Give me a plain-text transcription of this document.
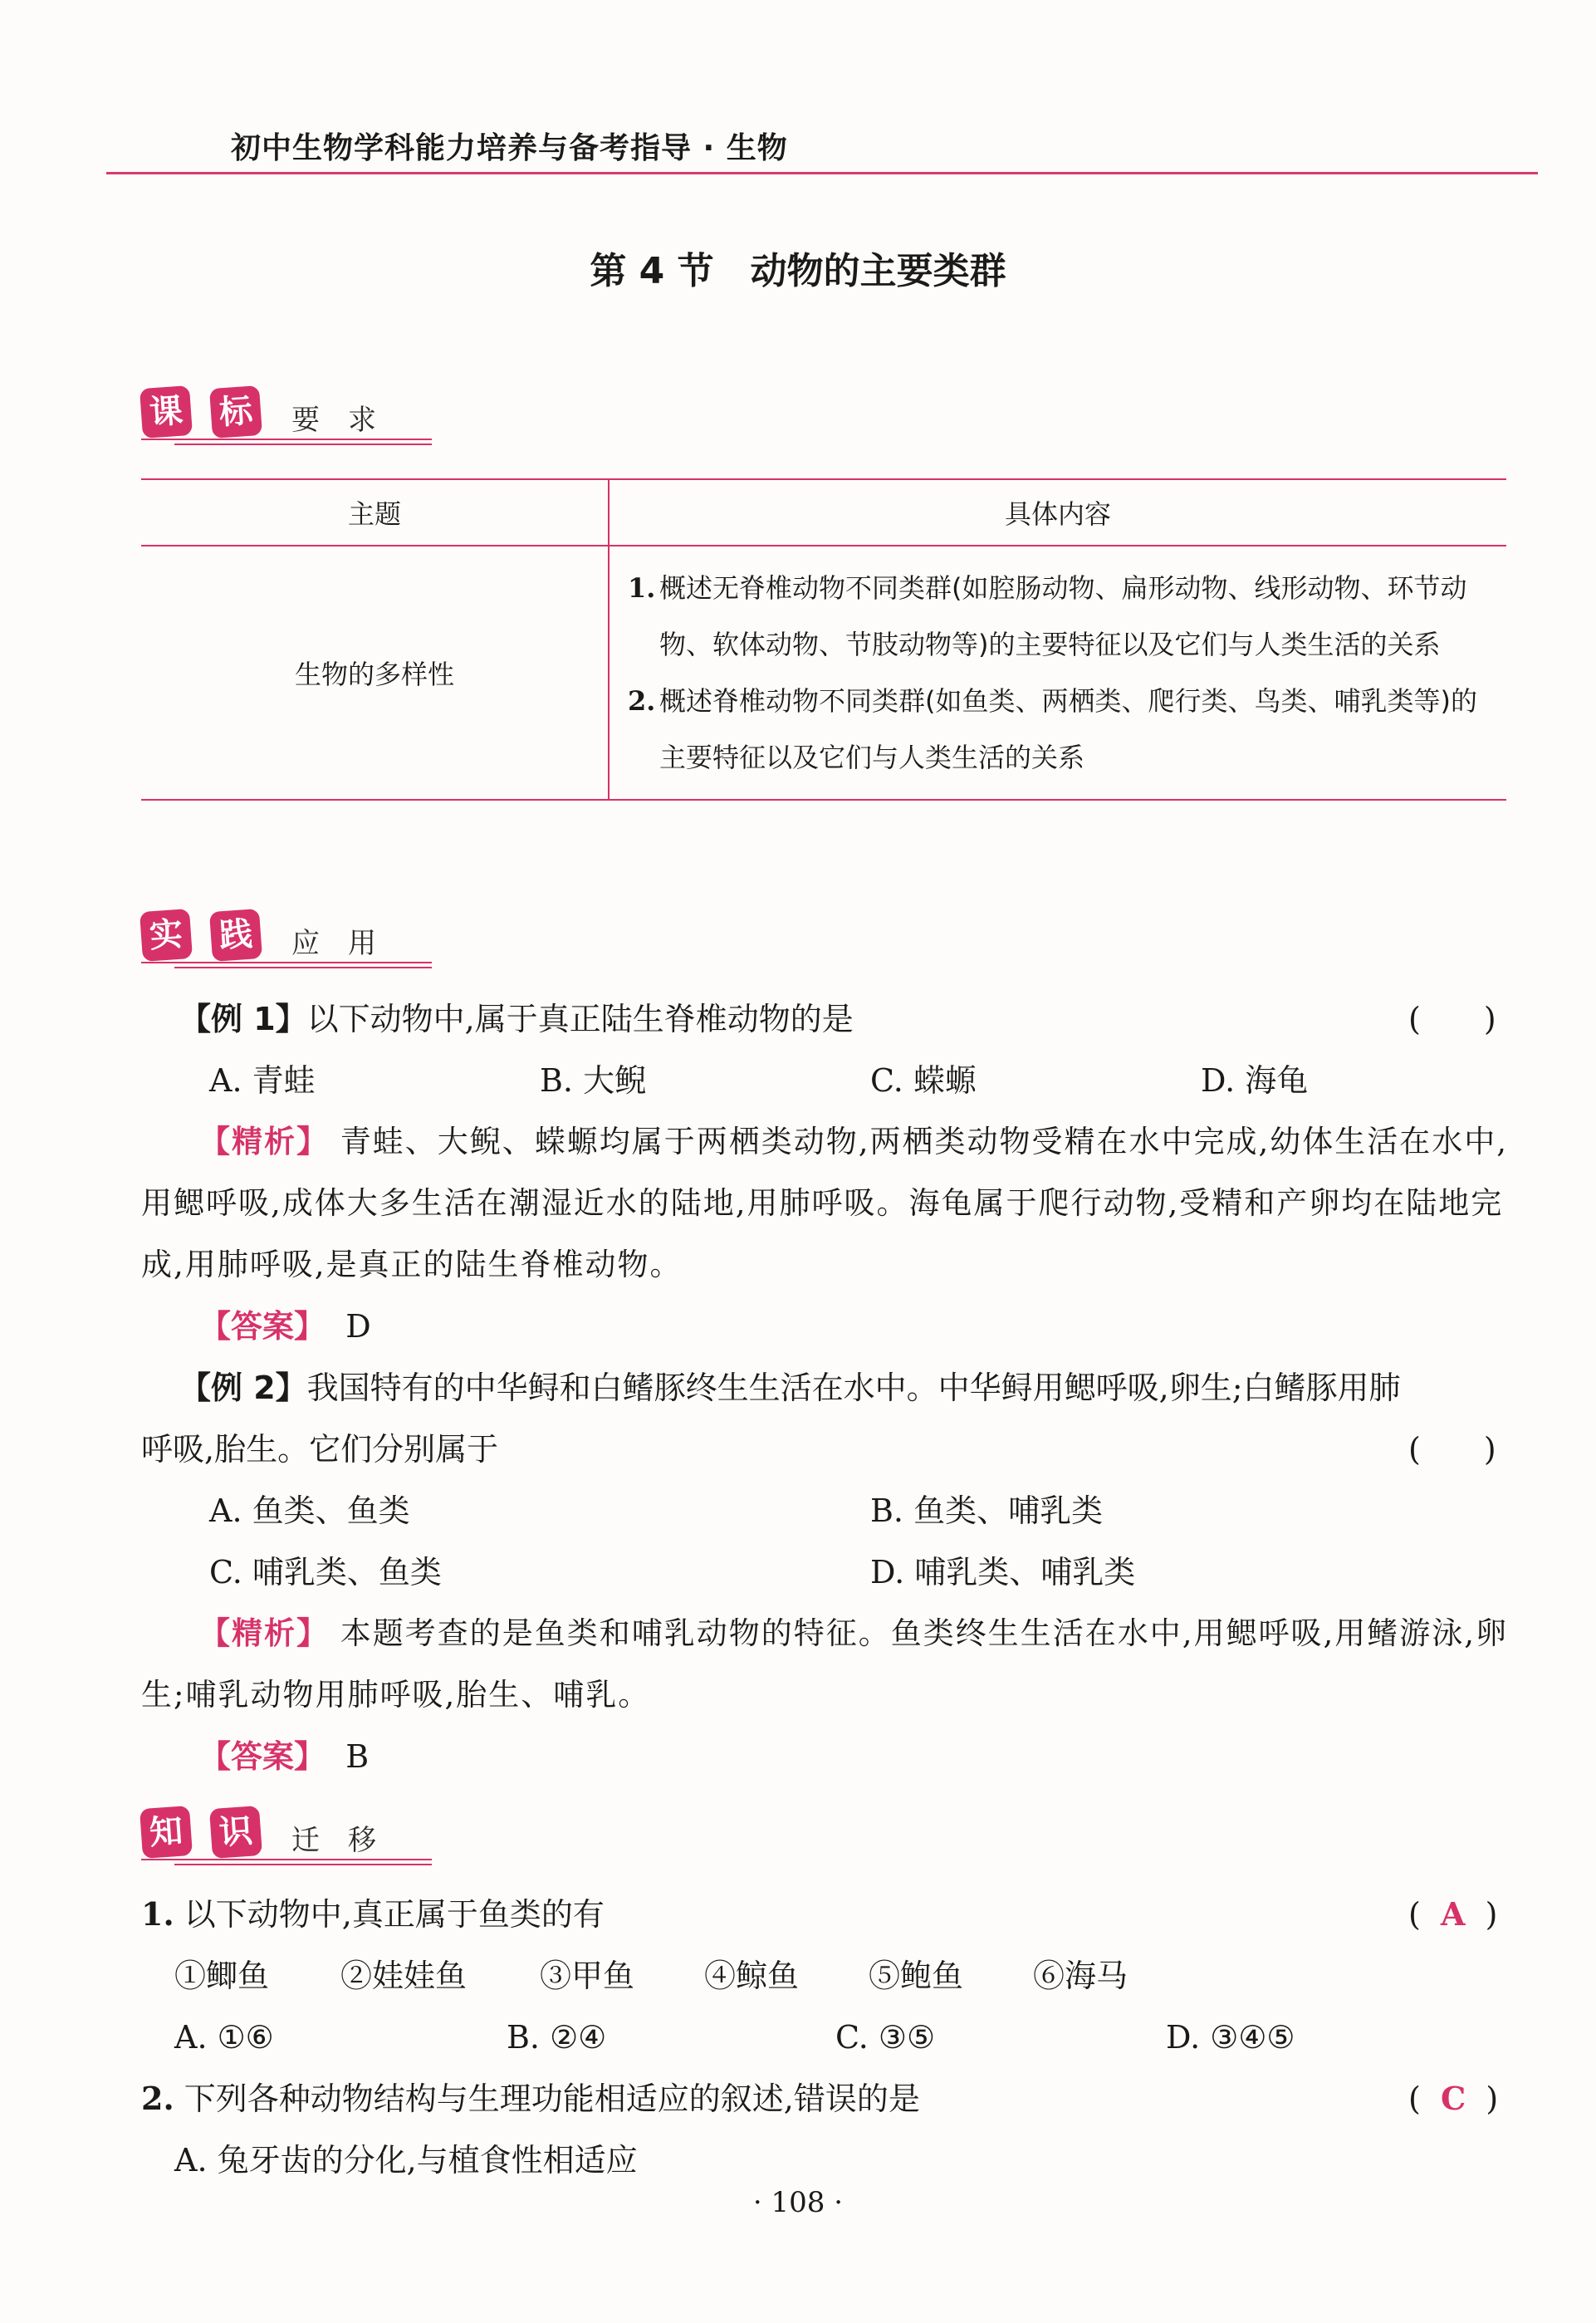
初中生物学科能力培养与备考指导 · 生物
第 4 节　动物的主要类群
课 标	要 求
主题	具体内容
生物的多样性	1. 概述无脊椎动物不同类群(如腔肠动物、扁形动物、线形动物、环节动物、软体动物、节肢动物等)的主要特征以及它们与人类生活的关系
2. 概述脊椎动物不同类群(如鱼类、两栖类、爬行类、鸟类、哺乳类等)的主要特征以及它们与人类生活的关系
实 践	应 用
【例 1】以下动物中,属于真正陆生脊椎动物的是	(　　)
A. 青蛙	B. 大鲵	C. 蝾螈	D. 海龟
【精析】 青蛙、大鲵、蝾螈均属于两栖类动物,两栖类动物受精在水中完成,幼体生活在水中,用鳃呼吸,成体大多生活在潮湿近水的陆地,用肺呼吸。海龟属于爬行动物,受精和产卵均在陆地完成,用肺呼吸,是真正的陆生脊椎动物。
【答案】 D
【例 2】我国特有的中华鲟和白鳍豚终生生活在水中。中华鲟用鳃呼吸,卵生;白鳍豚用肺
呼吸,胎生。它们分别属于	(　　)
A. 鱼类、鱼类	B. 鱼类、哺乳类
C. 哺乳类、鱼类	D. 哺乳类、哺乳类
【精析】 本题考查的是鱼类和哺乳动物的特征。鱼类终生生活在水中,用鳃呼吸,用鳍游泳,卵生;哺乳动物用肺呼吸,胎生、哺乳。
【答案】 B
知 识	迁 移
1. 以下动物中,真正属于鱼类的有	( A )
①鲫鱼 ②娃娃鱼 ③甲鱼 ④鲸鱼 ⑤鲍鱼 ⑥海马
A. ①⑥	B. ②④	C. ③⑤	D. ③④⑤
2. 下列各种动物结构与生理功能相适应的叙述,错误的是	( C )
A. 兔牙齿的分化,与植食性相适应
· 108 ·
